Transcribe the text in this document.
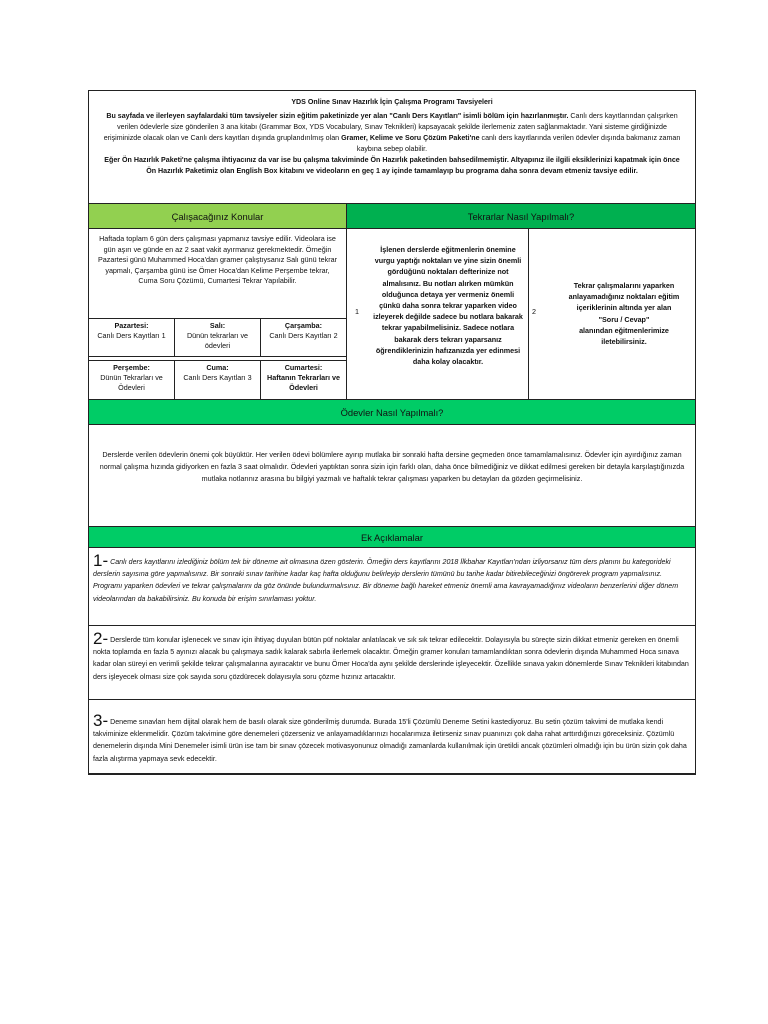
YDS Online Sınav Hazırlık İçin Çalışma Programı Tavsiyeleri

Bu sayfada ve ilerleyen sayfalardaki tüm tavsiyeler sizin eğitim paketinizde yer alan "Canlı Ders Kayıtları" isimli bölüm için hazırlanmıştır. Canlı ders kayıtlarından çalışırken verilen ödevlerle size gönderilen 3 ana kitabı (Grammar Box, YDS Vocabulary, Sınav Teknikleri) kapsayacak şekilde ilerlemeniz zaten sağlanmaktadır. Yani sisteme girdiğinizde erişiminizde olacak olan ve Canlı ders kayıtları dışında gruplandırılmış olan Gramer, Kelime ve Soru Çözüm Paketi'ne canlı ders kayıtlarında verilen ödevler dışında bakmanız zaman kaybına sebep olabilir.

Eğer Ön Hazırlık Paketi'ne çalışma ihtiyacınız da var ise bu çalışma takviminde Ön Hazırlık paketinden bahsedilmemiştir. Altyapınız ile ilgili eksiklerinizi kapatmak için önce Ön Hazırlık Paketimiz olan English Box kitabını ve videoların en geç 1 ay içinde tamamlayıp bu programa daha sonra devam etmeniz tavsiye edilir.

Çalışacağınız Konular	Tekrarlar Nasıl Yapılmalı?
Haftada toplam 6 gün ders çalışması yapmanız tavsiye edilir. Videolara ise gün aşırı ve günde en az 2 saat vakit ayırmanız gerekmektedir. Örneğin Pazartesi günü Muhammed Hoca'dan gramer çalıştıysanız Salı günü tekrar yapmalı, Çarşamba günü ise Ömer Hoca'dan Kelime Perşembe tekrar, Cuma Soru Çözümü, Cumartesi Tekrar Yapılabilir.
Pazartesi:
Canlı Ders Kayıtları 1
Salı:
Dünün tekrarları ve ödevleri
Çarşamba:
Canlı Ders Kayıtları 2
Perşembe:
Dünün Tekrarları ve Ödevleri
Cuma:
Canlı Ders Kayıtları 3
Cumartesi:
Haftanın Tekrarları ve Ödevleri
1
İşlenen derslerde eğitmenlerin önemine vurgu yaptığı noktaları ve yine sizin önemli gördüğünü noktaları defterinize not almalısınız. Bu notları alırken mümkün olduğunca detaya yer vermeniz önemli çünkü daha sonra tekrar yaparken video izleyerek değilde sadece bu notlara bakarak tekrar yapabilmelisiniz. Sadece notlara bakarak ders tekrarı yaparsanız öğrendiklerinizin hafızanızda yer edinmesi daha kolay olacaktır.
2
Tekrar çalışmalarını yaparken anlayamadığınız noktaları eğitim içeriklerinin altında yer alan
"Soru / Cevap"
alanından eğitmenlerimize iletebilirsiniz.
Ödevler Nasıl Yapılmalı?
Derslerde verilen ödevlerin önemi çok büyüktür. Her verilen ödevi bölümlere ayırıp mutlaka bir sonraki hafta dersine geçmeden önce tamamlamalısınız. Ödevler için ayırdığınız zaman normal çalışma hızında gidiyorken en fazla 3 saat olmalıdır. Ödevleri yaptıktan sonra sizin için farklı olan, daha önce bilmediğiniz ve dikkat edilmesi gereken bir detayla karşılaştığınızda mutlaka notlarınız arasına bu bilgiyi yazmalı ve haftalık tekrar çalışması yaparken bu detayları da gözden geçirmelisiniz.
Ek Açıklamalar
1- Canlı ders kayıtlarını izlediğiniz bölüm tek bir döneme ait olmasına özen gösterin. Örneğin ders kayıtlarını 2018 İlkbahar Kayıtları'ndan izliyorsanız tüm ders planını bu kategorideki derslerin sayısına göre yapmalısınız. Bir sonraki sınav tarihine kadar kaç hafta olduğunu belirleyip derslerin tümünü bu tarihe kadar bitirebileceğinizi öngörerek program yapmalısınız. Programı yaparken ödevleri ve tekrar çalışmalarını da göz önünde bulundurmalısınız. Bir döneme bağlı hareket etmeniz önemli ama kavrayamadığınız videoların benzerlerini diğer dönem videolarından da bakabilirsiniz. Bu konuda bir erişim sınırlaması yoktur.
2- Derslerde tüm konular işlenecek ve sınav için ihtiyaç duyulan bütün püf noktalar anlatılacak ve sık sık tekrar edilecektir. Dolayısıyla bu süreçte sizin dikkat etmeniz gereken en önemli nokta toplamda en fazla 5 ayınızı alacak bu çalışmaya sadık kalarak sabırla ilerlemek olacaktır. Örneğin gramer konuları tamamlandıktan sonra ödevlerin dışında Muhammed Hoca sınava kadar olan süreyi en verimli şekilde tekrar çalışmalarına ayıracaktır ve bunu Ömer Hoca'da aynı şekilde derslerinde işleyecektir. Özellikle sınava yakın dönemlerde Sınav Teknikleri kitabından ders işleyecek olması size çok sayıda soru çözdürecek dolayısıyla soru çözme hızınız artacaktır.
3- Deneme sınavları hem dijital olarak hem de basılı olarak size gönderilmiş durumda. Burada 15'li Çözümlü Deneme Setini kastediyoruz. Bu setin çözüm takvimi de mutlaka kendi takviminize eklenmelidir. Çözüm takvimine göre denemeleri çözerseniz ve anlayamadıklarınızı hocalarımıza iletirseniz sınav puanınızı çok daha rahat arttırdığınızı göreceksiniz. Çözümlü denemelerin dışında Mini Denemeler isimli ürün ise tam bir sınav çözecek motivasyonunuz olmadığı zamanlarda kullanılmak için üretildi ancak çözümleri olmadığı için bu ürün sizin çok daha fazla alıştırma yapmaya sevk edecektir.
